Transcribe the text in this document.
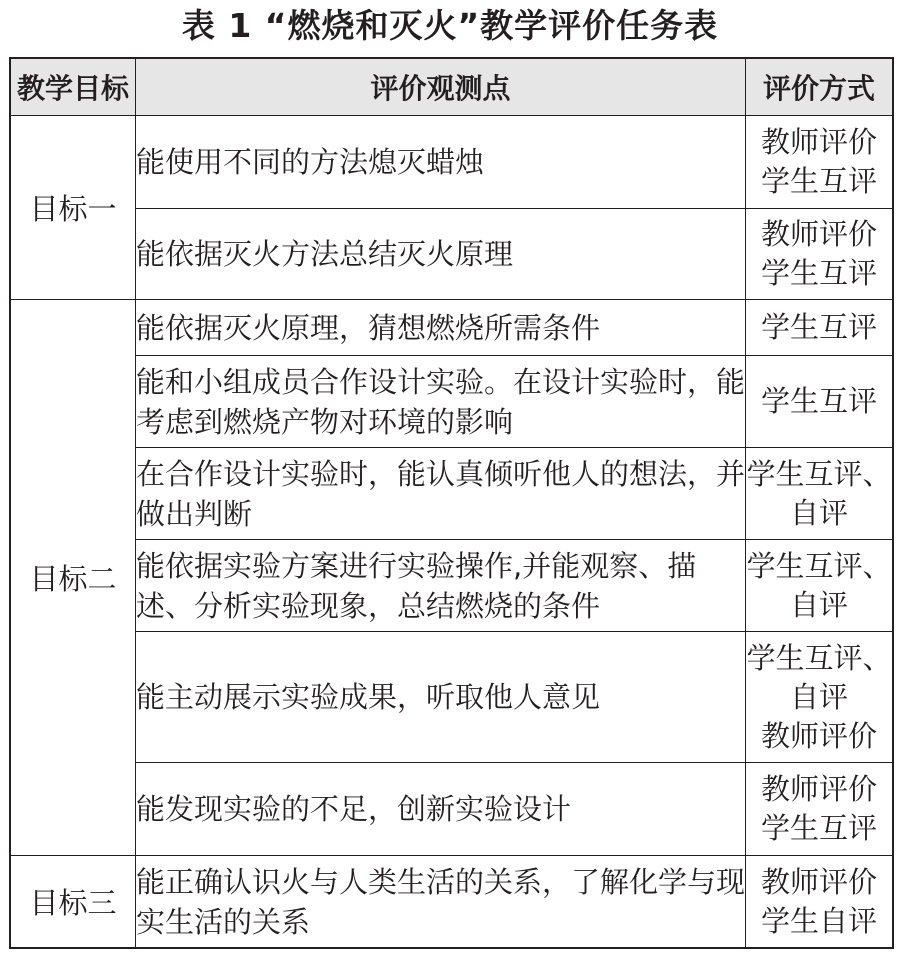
表 1 “燃烧和灭火”教学评价任务表
教学目标	评价观测点	评价方式
目标一	能使用不同的方法熄灭蜡烛	教师评价
学生互评

	能依据灭火方法总结灭火原理	教师评价
学生互评

目标二	能依据灭火原理，猜想燃烧所需条件	学生互评

	能和小组成员合作设计实验。在设计实验时，能考虑到燃烧产物对环境的影响	学生互评

	在合作设计实验时，能认真倾听他人的想法，并做出判断	学生互评、
自评

	能依据实验方案进行实验操作,并能观察、描述、分析实验现象，总结燃烧的条件	学生互评、
自评

	能主动展示实验成果，听取他人意见	学生互评、
自评
教师评价

	能发现实验的不足，创新实验设计	教师评价
学生互评

目标三	能正确认识火与人类生活的关系，了解化学与现实生活的关系	教师评价
学生自评
